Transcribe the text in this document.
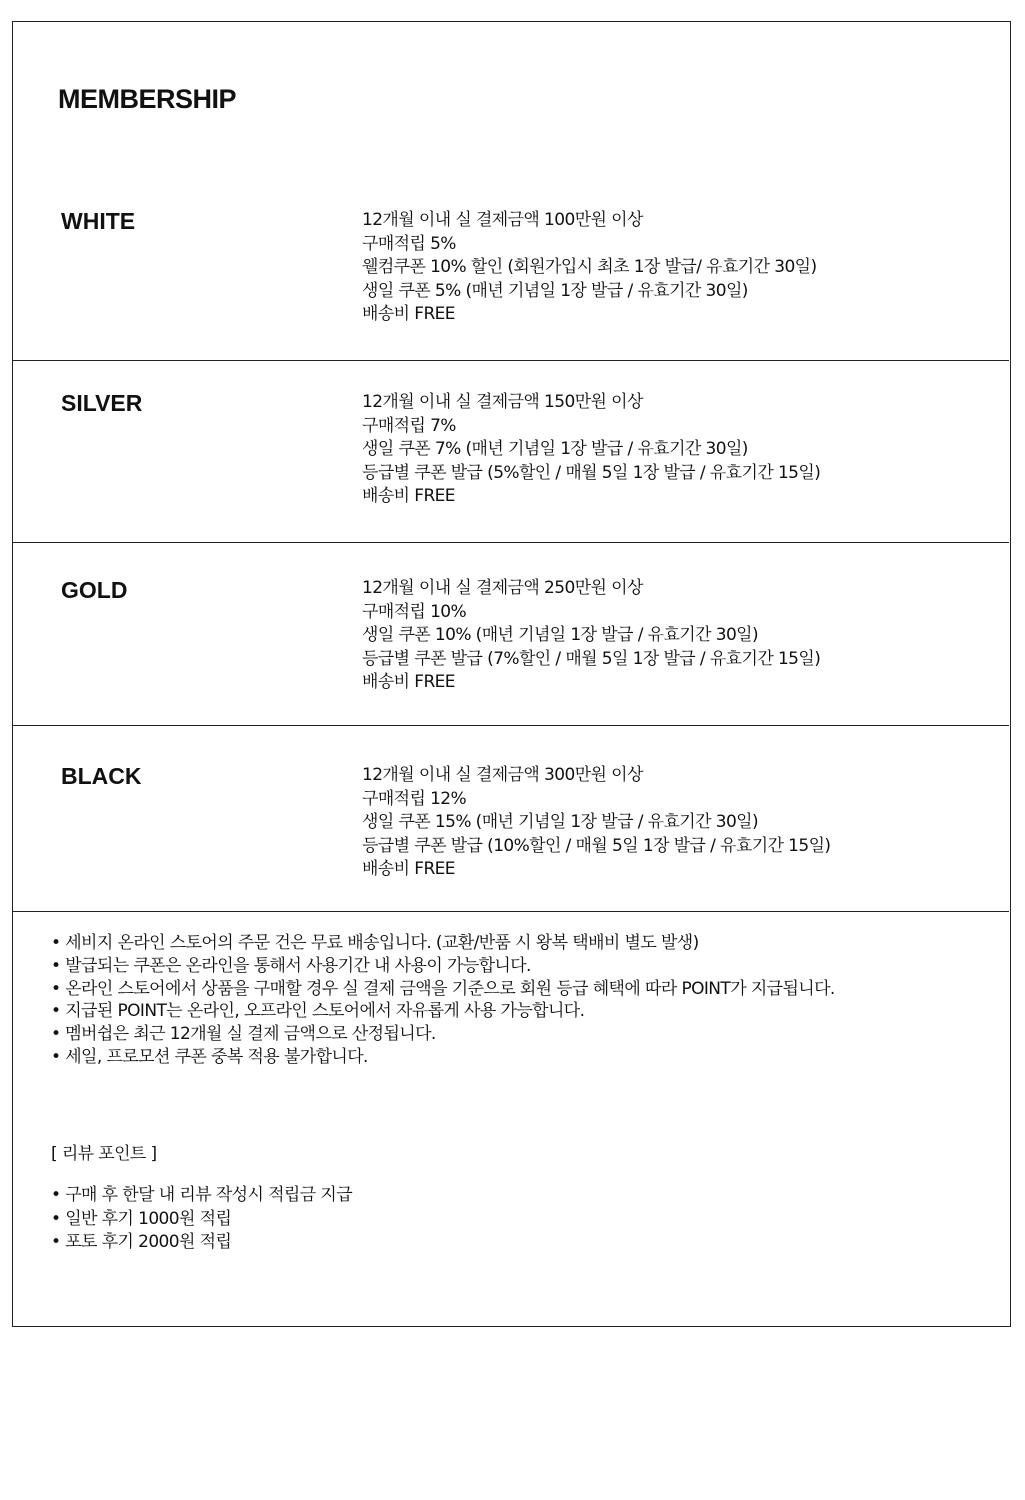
MEMBERSHIP
WHITE	12개월 이내 실 결제금액 100만원 이상
구매적립 5%
웰컴쿠폰 10% 할인 (회원가입시 최초 1장 발급/ 유효기간 30일)
생일 쿠폰 5% (매년 기념일 1장 발급 / 유효기간 30일)
배송비 FREE
SILVER	12개월 이내 실 결제금액 150만원 이상
구매적립 7%
생일 쿠폰 7% (매년 기념일 1장 발급 / 유효기간 30일)
등급별 쿠폰 발급 (5%할인 / 매월 5일 1장 발급 / 유효기간 15일)
배송비 FREE
GOLD	12개월 이내 실 결제금액 250만원 이상
구매적립 10%
생일 쿠폰 10% (매년 기념일 1장 발급 / 유효기간 30일)
등급별 쿠폰 발급 (7%할인 / 매월 5일 1장 발급 / 유효기간 15일)
배송비 FREE
BLACK	12개월 이내 실 결제금액 300만원 이상
구매적립 12%
생일 쿠폰 15% (매년 기념일 1장 발급 / 유효기간 30일)
등급별 쿠폰 발급 (10%할인 / 매월 5일 1장 발급 / 유효기간 15일)
배송비 FREE
• 세비지 온라인 스토어의 주문 건은 무료 배송입니다. (교환/반품 시 왕복 택배비 별도 발생)
• 발급되는 쿠폰은 온라인을 통해서 사용기간 내 사용이 가능합니다.
• 온라인 스토어에서 상품을 구매할 경우 실 결제 금액을 기준으로 회원 등급 혜택에 따라 POINT가 지급됩니다.
• 지급된 POINT는 온라인, 오프라인 스토어에서 자유롭게 사용 가능합니다.
• 멤버쉽은 최근 12개월 실 결제 금액으로 산정됩니다.
• 세일, 프로모션 쿠폰 중복 적용 불가합니다.
[ 리뷰 포인트 ]
• 구매 후 한달 내 리뷰 작성시 적립금 지급
• 일반 후기 1000원 적립
• 포토 후기 2000원 적립
